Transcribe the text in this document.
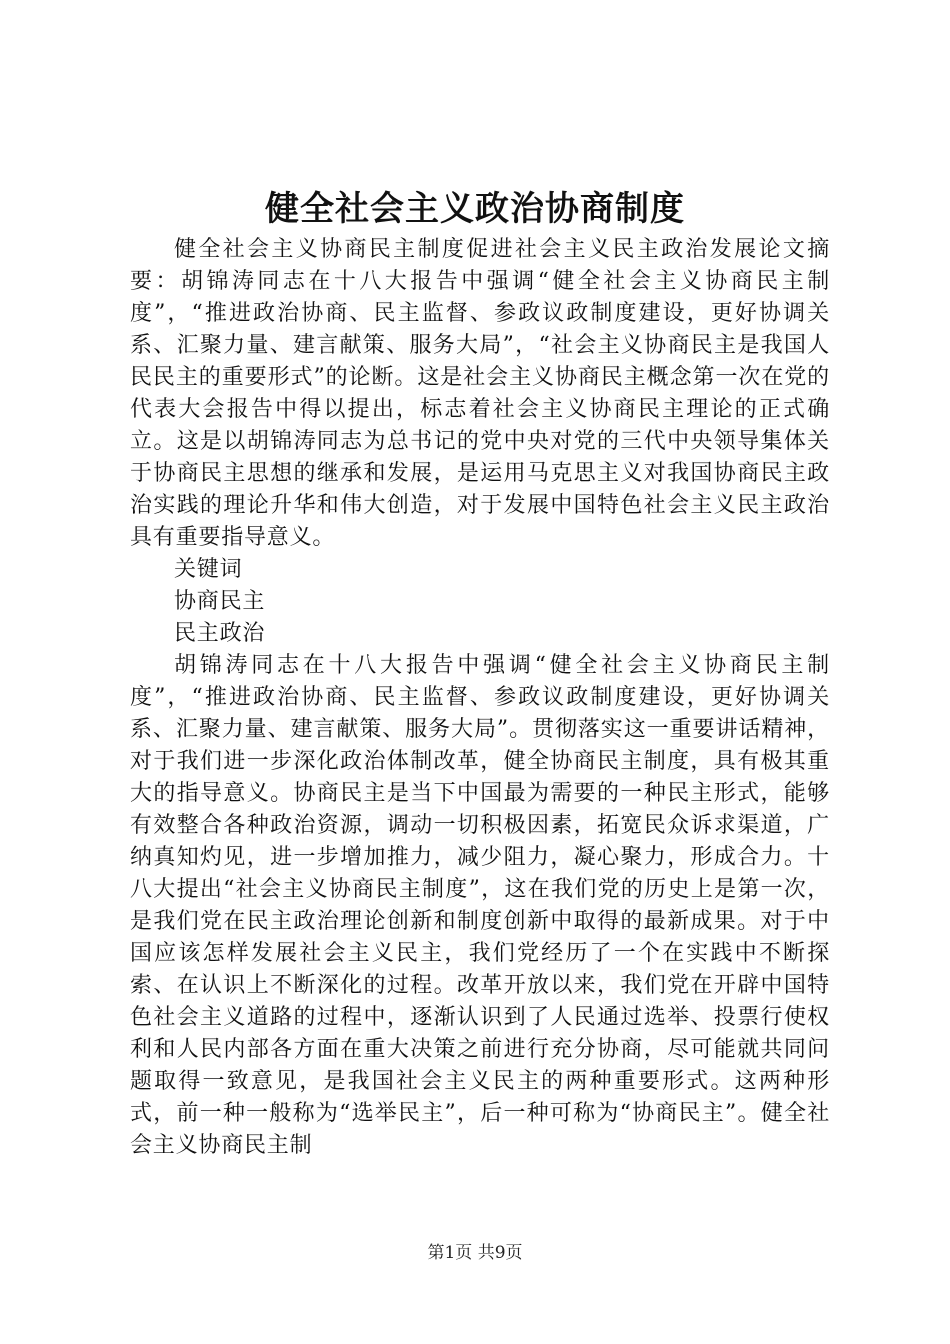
健全社会主义政治协商制度

健全社会主义协商民主制度促进社会主义民主政治发展论文摘要：胡锦涛同志在十八大报告中强调“健全社会主义协商民主制度”，“推进政治协商、民主监督、参政议政制度建设，更好协调关系、汇聚力量、建言献策、服务大局”，“社会主义协商民主是我国人民民主的重要形式”的论断。这是社会主义协商民主概念第一次在党的代表大会报告中得以提出，标志着社会主义协商民主理论的正式确立。这是以胡锦涛同志为总书记的党中央对党的三代中央领导集体关于协商民主思想的继承和发展，是运用马克思主义对我国协商民主政治实践的理论升华和伟大创造，对于发展中国特色社会主义民主政治具有重要指导意义。

关键词

协商民主

民主政治

胡锦涛同志在十八大报告中强调“健全社会主义协商民主制度”，“推进政治协商、民主监督、参政议政制度建设，更好协调关系、汇聚力量、建言献策、服务大局”。贯彻落实这一重要讲话精神，对于我们进一步深化政治体制改革，健全协商民主制度，具有极其重大的指导意义。协商民主是当下中国最为需要的一种民主形式，能够有效整合各种政治资源，调动一切积极因素，拓宽民众诉求渠道，广纳真知灼见，进一步增加推力，减少阻力，凝心聚力，形成合力。十八大提出“社会主义协商民主制度”，这在我们党的历史上是第一次，是我们党在民主政治理论创新和制度创新中取得的最新成果。对于中国应该怎样发展社会主义民主，我们党经历了一个在实践中不断探索、在认识上不断深化的过程。改革开放以来，我们党在开辟中国特色社会主义道路的过程中，逐渐认识到了人民通过选举、投票行使权利和人民内部各方面在重大决策之前进行充分协商，尽可能就共同问题取得一致意见，是我国社会主义民主的两种重要形式。这两种形式，前一种一般称为“选举民主”，后一种可称为“协商民主”。健全社会主义协商民主制

第1页 共9页
